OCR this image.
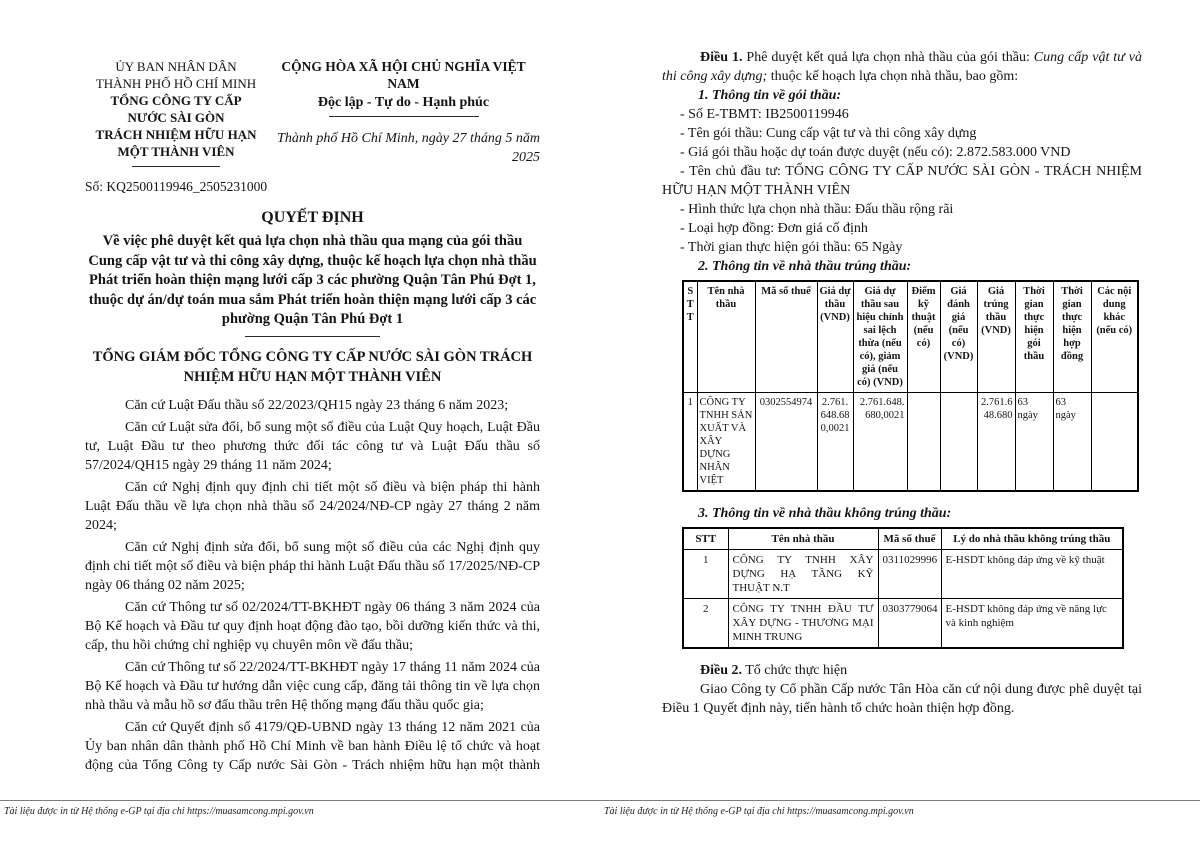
ỦY BAN NHÂN DÂN
THÀNH PHỐ HỒ CHÍ MINH
TỔNG CÔNG TY CẤP
NƯỚC SÀI GÒN
TRÁCH NHIỆM HỮU HẠN
MỘT THÀNH VIÊN
CỘNG HÒA XÃ HỘI CHỦ NGHĨA VIỆT NAM
Độc lập - Tự do - Hạnh phúc
Thành phố Hồ Chí Minh, ngày 27 tháng 5 năm 2025
Số: KQ2500119946_2505231000
QUYẾT ĐỊNH
Về việc phê duyệt kết quả lựa chọn nhà thầu qua mạng của gói thầu Cung cấp vật tư và thi công xây dựng, thuộc kế hoạch lựa chọn nhà thầu Phát triển hoàn thiện mạng lưới cấp 3 các phường Quận Tân Phú Đợt 1, thuộc dự án/dự toán mua sắm Phát triển hoàn thiện mạng lưới cấp 3 các phường Quận Tân Phú Đợt 1
TỔNG GIÁM ĐỐC TỔNG CÔNG TY CẤP NƯỚC SÀI GÒN TRÁCH NHIỆM HỮU HẠN MỘT THÀNH VIÊN

Căn cứ Luật Đấu thầu số 22/2023/QH15 ngày 23 tháng 6 năm 2023;

Căn cứ Luật sửa đổi, bổ sung một số điều của Luật Quy hoạch, Luật Đầu tư, Luật Đầu tư theo phương thức đối tác công tư và Luật Đấu thầu số 57/2024/QH15 ngày 29 tháng 11 năm 2024;

Căn cứ Nghị định quy định chi tiết một số điều và biện pháp thi hành Luật Đấu thầu về lựa chọn nhà thầu số 24/2024/NĐ-CP ngày 27 tháng 2 năm 2024;

Căn cứ Nghị định sửa đổi, bổ sung một số điều của các Nghị định quy định chi tiết một số điều và biện pháp thi hành Luật Đấu thầu số 17/2025/NĐ-CP ngày 06 tháng 02 năm 2025;

Căn cứ Thông tư số 02/2024/TT-BKHĐT ngày 06 tháng 3 năm 2024 của Bộ Kế hoạch và Đầu tư quy định hoạt động đào tạo, bồi dưỡng kiến thức và thi, cấp, thu hồi chứng chỉ nghiệp vụ chuyên môn về đấu thầu;

Căn cứ Thông tư số 22/2024/TT-BKHĐT ngày 17 tháng 11 năm 2024 của Bộ Kế hoạch và Đầu tư hướng dẫn việc cung cấp, đăng tải thông tin về lựa chọn nhà thầu và mẫu hồ sơ đấu thầu trên Hệ thống mạng đấu thầu quốc gia;

Căn cứ Quyết định số 4179/QĐ-UBND ngày 13 tháng 12 năm 2021 của Ủy ban nhân dân thành phố Hồ Chí Minh về ban hành Điều lệ tổ chức và hoạt động của Tổng Công ty Cấp nước Sài Gòn - Trách nhiệm hữu hạn một thành

Tài liệu được in từ Hệ thống e-GP tại địa chỉ https://muasamcong.mpi.gov.vn

Điều 1. Phê duyệt kết quả lựa chọn nhà thầu của gói thầu: Cung cấp vật tư và thi công xây dựng; thuộc kế hoạch lựa chọn nhà thầu, bao gồm:

1. Thông tin về gói thầu:

- Số E-TBMT: IB2500119946

- Tên gói thầu: Cung cấp vật tư và thi công xây dựng

- Giá gói thầu hoặc dự toán được duyệt (nếu có): 2.872.583.000 VND

- Tên chủ đầu tư: TỔNG CÔNG TY CẤP NƯỚC SÀI GÒN - TRÁCH NHIỆM HỮU HẠN MỘT THÀNH VIÊN

- Hình thức lựa chọn nhà thầu: Đấu thầu rộng rãi

- Loại hợp đồng: Đơn giá cố định

- Thời gian thực hiện gói thầu: 65 Ngày

2. Thông tin về nhà thầu trúng thầu:

STT	Tên nhà thầu	Mã số thuế	Giá dự thầu (VND)	Giá dự thầu sau hiệu chỉnh sai lệch thừa (nếu có), giảm giá (nếu có) (VND)	Điểm kỹ thuật (nếu có)	Giá đánh giá (nếu có) (VND)	Giá trúng thầu (VND)	Thời gian thực hiện gói thầu	Thời gian thực hiện hợp đồng	Các nội dung khác (nếu có)
1	CÔNG TY TNHH SẢN XUẤT VÀ XÂY DỰNG NHÂN VIỆT	0302554974	2.761.648.680,0021	2.761.648.680,0021			2.761.648.680	63 ngày	63 ngày	

3. Thông tin về nhà thầu không trúng thầu:

STT	Tên nhà thầu	Mã số thuế	Lý do nhà thầu không trúng thầu
1	CÔNG TY TNHH XÂY DỰNG HẠ TẦNG KỸ THUẬT N.T	0311029996	E-HSDT không đáp ứng về kỹ thuật
2	CÔNG TY TNHH ĐẦU TƯ XÂY DỰNG - THƯƠNG MẠI MINH TRUNG	0303779064	E-HSDT không đáp ứng về năng lực và kinh nghiệm

Điều 2. Tổ chức thực hiện

Giao Công ty Cổ phần Cấp nước Tân Hòa căn cứ nội dung được phê duyệt tại Điều 1 Quyết định này, tiến hành tổ chức hoàn thiện hợp đồng.

Tài liệu được in từ Hệ thống e-GP tại địa chỉ https://muasamcong.mpi.gov.vn
